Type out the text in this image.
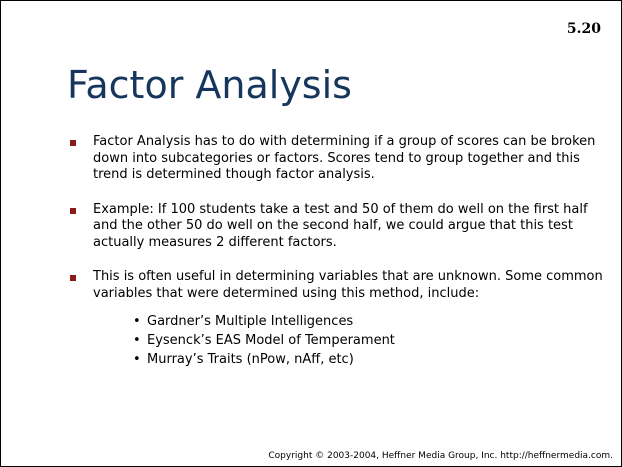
5.20
Factor Analysis
Factor Analysis has to do with determining if a group of scores can be broken down into subcategories or factors. Scores tend to group together and this trend is determined though factor analysis.
Example: If 100 students take a test and 50 of them do well on the first half and the other 50 do well on the second half, we could argue that this test actually measures 2 different factors.
This is often useful in determining variables that are unknown. Some common variables that were determined using this method, include:
• Gardner’s Multiple Intelligences
• Eysenck’s EAS Model of Temperament
• Murray’s Traits (nPow, nAff, etc)
Copyright © 2003-2004, Heffner Media Group, Inc. http://heffnermedia.com.
